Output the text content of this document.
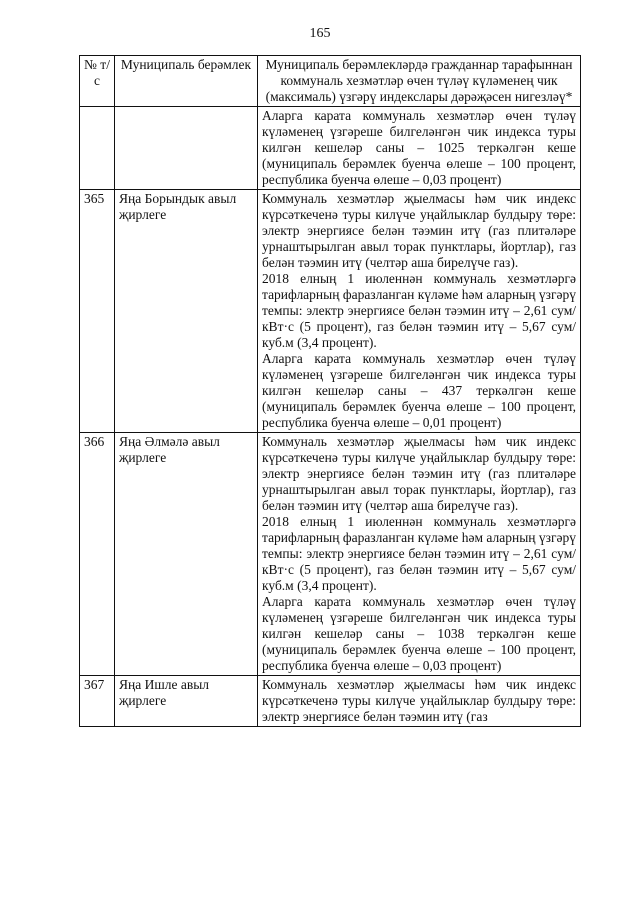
165
№ т/с	Муниципаль берәмлек	Муниципаль берәмлекләрдә гражданнар тарафыннан коммуналь хезмәтләр өчен түләү күләменең чик (максималь) үзгәрү индекслары дәрәҗәсен нигезләү*

		Аларга карата коммуналь хезмәтләр өчен түләү күләменең үзгәреше билгеләнгән чик индекса туры килгән кешеләр саны – 1025 теркәлгән кеше (муниципаль берәмлек буенча өлеше – 100 процент, республика буенча өлеше – 0,03 процент)

365	Яңа Борындык авыл җирлеге	Коммуналь хезмәтләр җыелмасы һәм чик индекс күрсәткеченә туры килүче уңайлыклар булдыру төре: электр энергиясе белән тәэмин итү (газ плитәләре урнаштырылган авыл торак пунктлары, йортлар), газ белән тәэмин итү (челтәр аша бирелүче газ).

2018 елның 1 июленнән коммуналь хезмәтләргә тарифларның фаразланган күләме һәм аларның үзгәрү темпы: электр энергиясе белән тәэмин итү – 2,61 сум/кВт·с (5 процент), газ белән тәэмин итү – 5,67 сум/куб.м (3,4 процент).

Аларга карата коммуналь хезмәтләр өчен түләү күләменең үзгәреше билгеләнгән чик индекса туры килгән кешеләр саны – 437 теркәлгән кеше (муниципаль берәмлек буенча өлеше – 100 процент, республика буенча өлеше – 0,01 процент)

366	Яңа Әлмәлә авыл җирлеге	Коммуналь хезмәтләр җыелмасы һәм чик индекс күрсәткеченә туры килүче уңайлыклар булдыру төре: электр энергиясе белән тәэмин итү (газ плитәләре урнаштырылган авыл торак пунктлары, йортлар), газ белән тәэмин итү (челтәр аша бирелүче газ).

2018 елның 1 июленнән коммуналь хезмәтләргә тарифларның фаразланган күләме һәм аларның үзгәрү темпы: электр энергиясе белән тәэмин итү – 2,61 сум/кВт·с (5 процент), газ белән тәэмин итү – 5,67 сум/куб.м (3,4 процент).

Аларга карата коммуналь хезмәтләр өчен түләү күләменең үзгәреше билгеләнгән чик индекса туры килгән кешеләр саны – 1038 теркәлгән кеше (муниципаль берәмлек буенча өлеше – 100 процент, республика буенча өлеше – 0,03 процент)

367	Яңа Ишле авыл җирлеге	Коммуналь хезмәтләр җыелмасы һәм чик индекс күрсәткеченә туры килүче уңайлыклар булдыру төре: электр энергиясе белән тәэмин итү (газ
